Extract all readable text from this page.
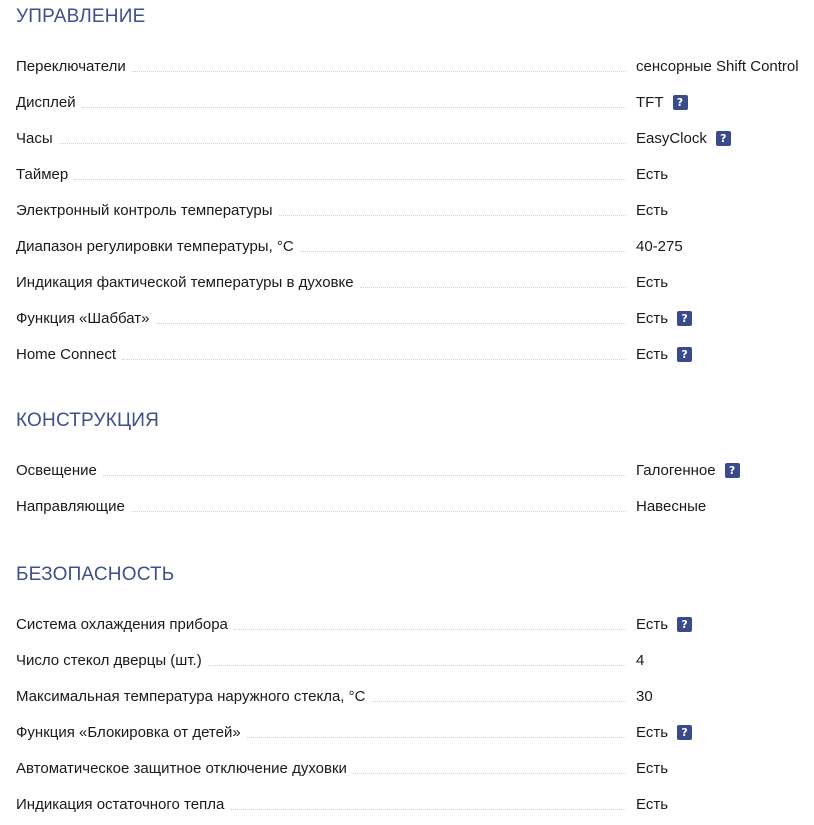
УПРАВЛЕНИЕ
Переключатели	сенсорные Shift Control
Дисплей	TFT	?
Часы	EasyClock	?
Таймер	Есть
Электронный контроль температуры	Есть
Диапазон регулировки температуры, °C	40-275
Индикация фактической температуры в духовке	Есть
Функция «Шаббат»	Есть	?
Home Connect	Есть	?
КОНСТРУКЦИЯ
Освещение	Галогенное	?
Направляющие	Навесные
БЕЗОПАСНОСТЬ
Система охлаждения прибора	Есть	?
Число стекол дверцы (шт.)	4
Максимальная температура наружного стекла, °C	30
Функция «Блокировка от детей»	Есть	?
Автоматическое защитное отключение духовки	Есть
Индикация остаточного тепла	Есть
